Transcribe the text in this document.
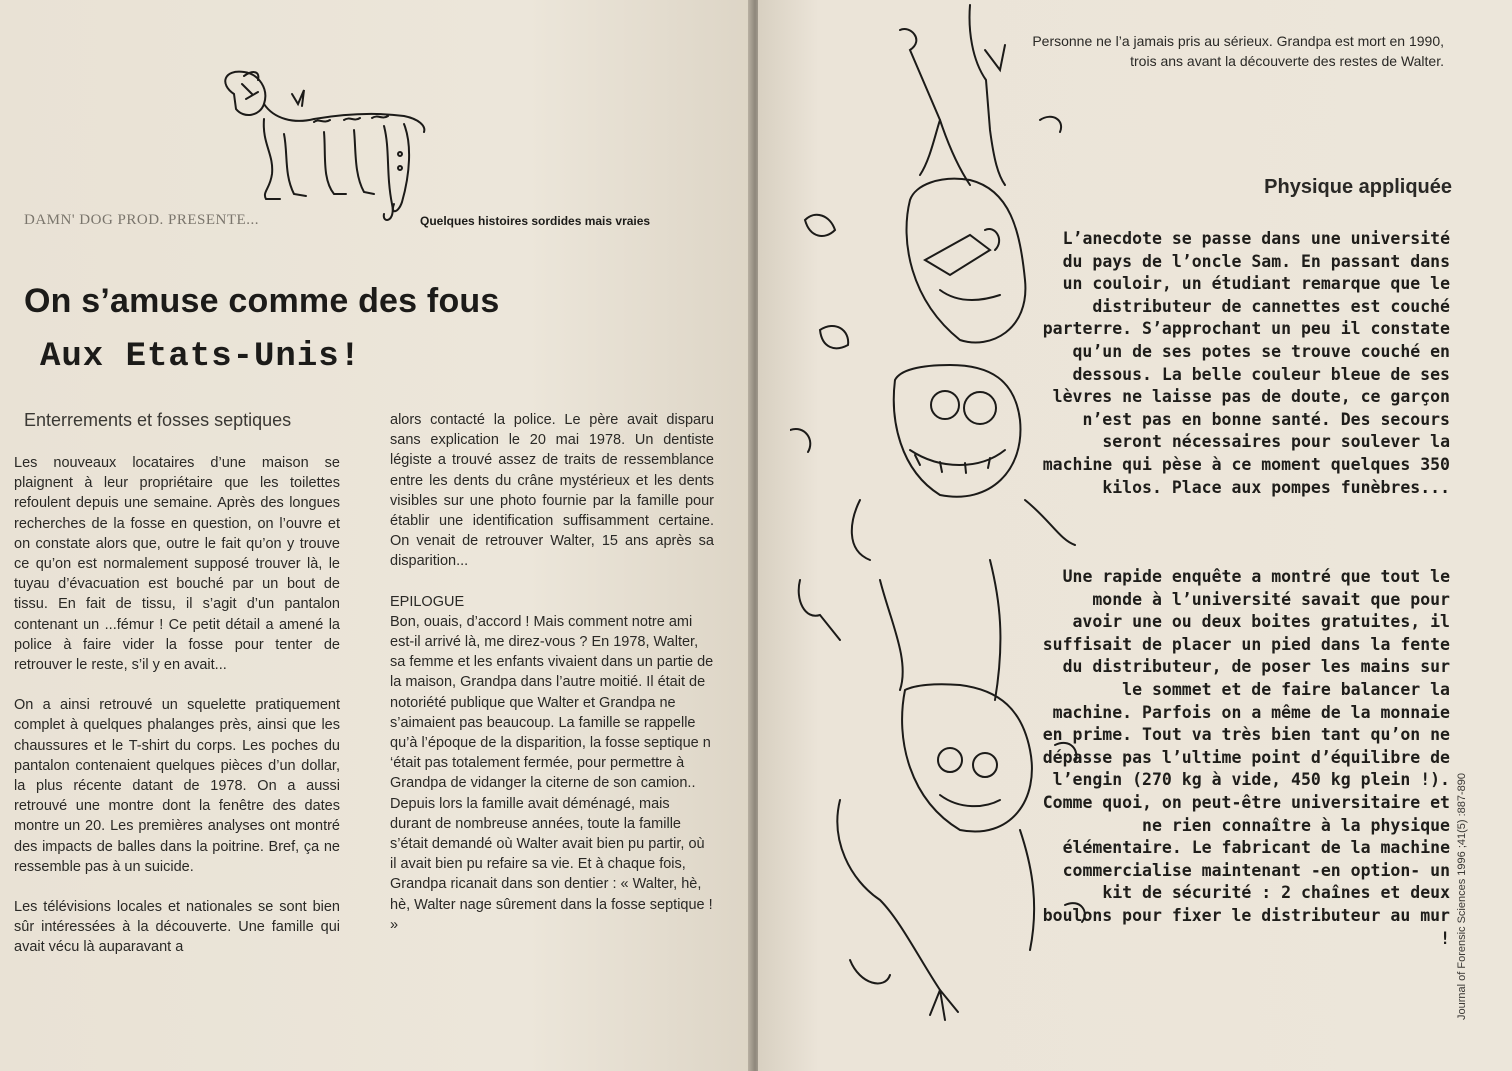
DAMN' DOG PROD. PRESENTE...	Quelques histoires sordides mais vraies
On s’amuse comme des fous
Aux Etats-Unis!
Enterrements et fosses septiques

Les nouveaux locataires d’une maison se plaignent à leur propriétaire que les toilettes refoulent depuis une semaine. Après des longues recherches de la fosse en question, on l’ouvre et on constate alors que, outre le fait qu’on y trouve ce qu’on est normalement supposé trouver là, le tuyau d’évacuation est bouché par un bout de tissu. En fait de tissu, il s’agit d’un pantalon contenant un ...fémur ! Ce petit détail a amené la police à faire vider la fosse pour tenter de retrouver le reste, s’il y en avait...

On a ainsi retrouvé un squelette pratiquement complet à quelques phalanges près, ainsi que les chaussures et le T-shirt du corps. Les poches du pantalon contenaient quelques pièces d’un dollar, la plus récente datant de 1978. On a aussi retrouvé une montre dont la fenêtre des dates montre un 20. Les premières analyses ont montré des impacts de balles dans la poitrine. Bref, ça ne ressemble pas à un suicide.

Les télévisions locales et nationales se sont bien sûr intéressées à la découverte. Une famille qui avait vécu là auparavant a

alors contacté la police. Le père avait disparu sans explication le 20 mai 1978. Un dentiste légiste a trouvé assez de traits de ressemblance entre les dents du crâne mystérieux et les dents visibles sur une photo fournie par la famille pour établir une identification suffisamment certaine. On venait de retrouver Walter, 15 ans après sa disparition...

EPILOGUE

Bon, ouais, d’accord ! Mais comment notre ami est-il arrivé là, me direz-vous ? En 1978, Walter, sa femme et les enfants vivaient dans un partie de la maison, Grandpa dans l’autre moitié. Il était de notoriété publique que Walter et Grandpa ne s’aimaient pas beaucoup. La famille se rappelle qu’à l’époque de la disparition, la fosse septique n ‘était pas totalement fermée, pour permettre à Grandpa de vidanger la citerne de son camion.. Depuis lors la famille avait déménagé, mais durant de nombreuse années, toute la famille s’était demandé où Walter avait bien pu partir, où il avait bien pu refaire sa vie. Et à chaque fois, Grandpa ricanait dans son dentier : « Walter, hè, hè, Walter nage sûrement dans la fosse septique ! »

Personne ne l’a jamais pris au sérieux. Grandpa est mort en 1990, trois ans avant la découverte des restes de Walter.
Physique appliquée

L’anecdote se passe dans une université du pays de l’oncle Sam. En passant dans un couloir, un étudiant remarque que le distributeur de cannettes est couché parterre. S’approchant un peu il constate qu’un de ses potes se trouve couché en dessous. La belle couleur bleue de ses lèvres ne laisse pas de doute, ce garçon n’est pas en bonne santé. Des secours seront nécessaires pour soulever la machine qui pèse à ce moment quelques 350 kilos. Place aux pompes funèbres...

Une rapide enquête a montré que tout le monde à l’université savait que pour avoir une ou deux boites gratuites, il suffisait de placer un pied dans la fente du distributeur, de poser les mains sur le sommet et de faire balancer la machine. Parfois on a même de la monnaie en prime. Tout va très bien tant qu’on ne dépasse pas l’ultime point d’équilibre de l’engin (270 kg à vide, 450 kg plein !). Comme quoi, on peut-être universitaire et ne rien connaître à la physique élémentaire. Le fabricant de la machine commercialise maintenant -en option- un kit de sécurité : 2 chaînes et deux boulons pour fixer le distributeur au mur ! Journal of Forensic Sciences 1996 ;41(5) :887-890
